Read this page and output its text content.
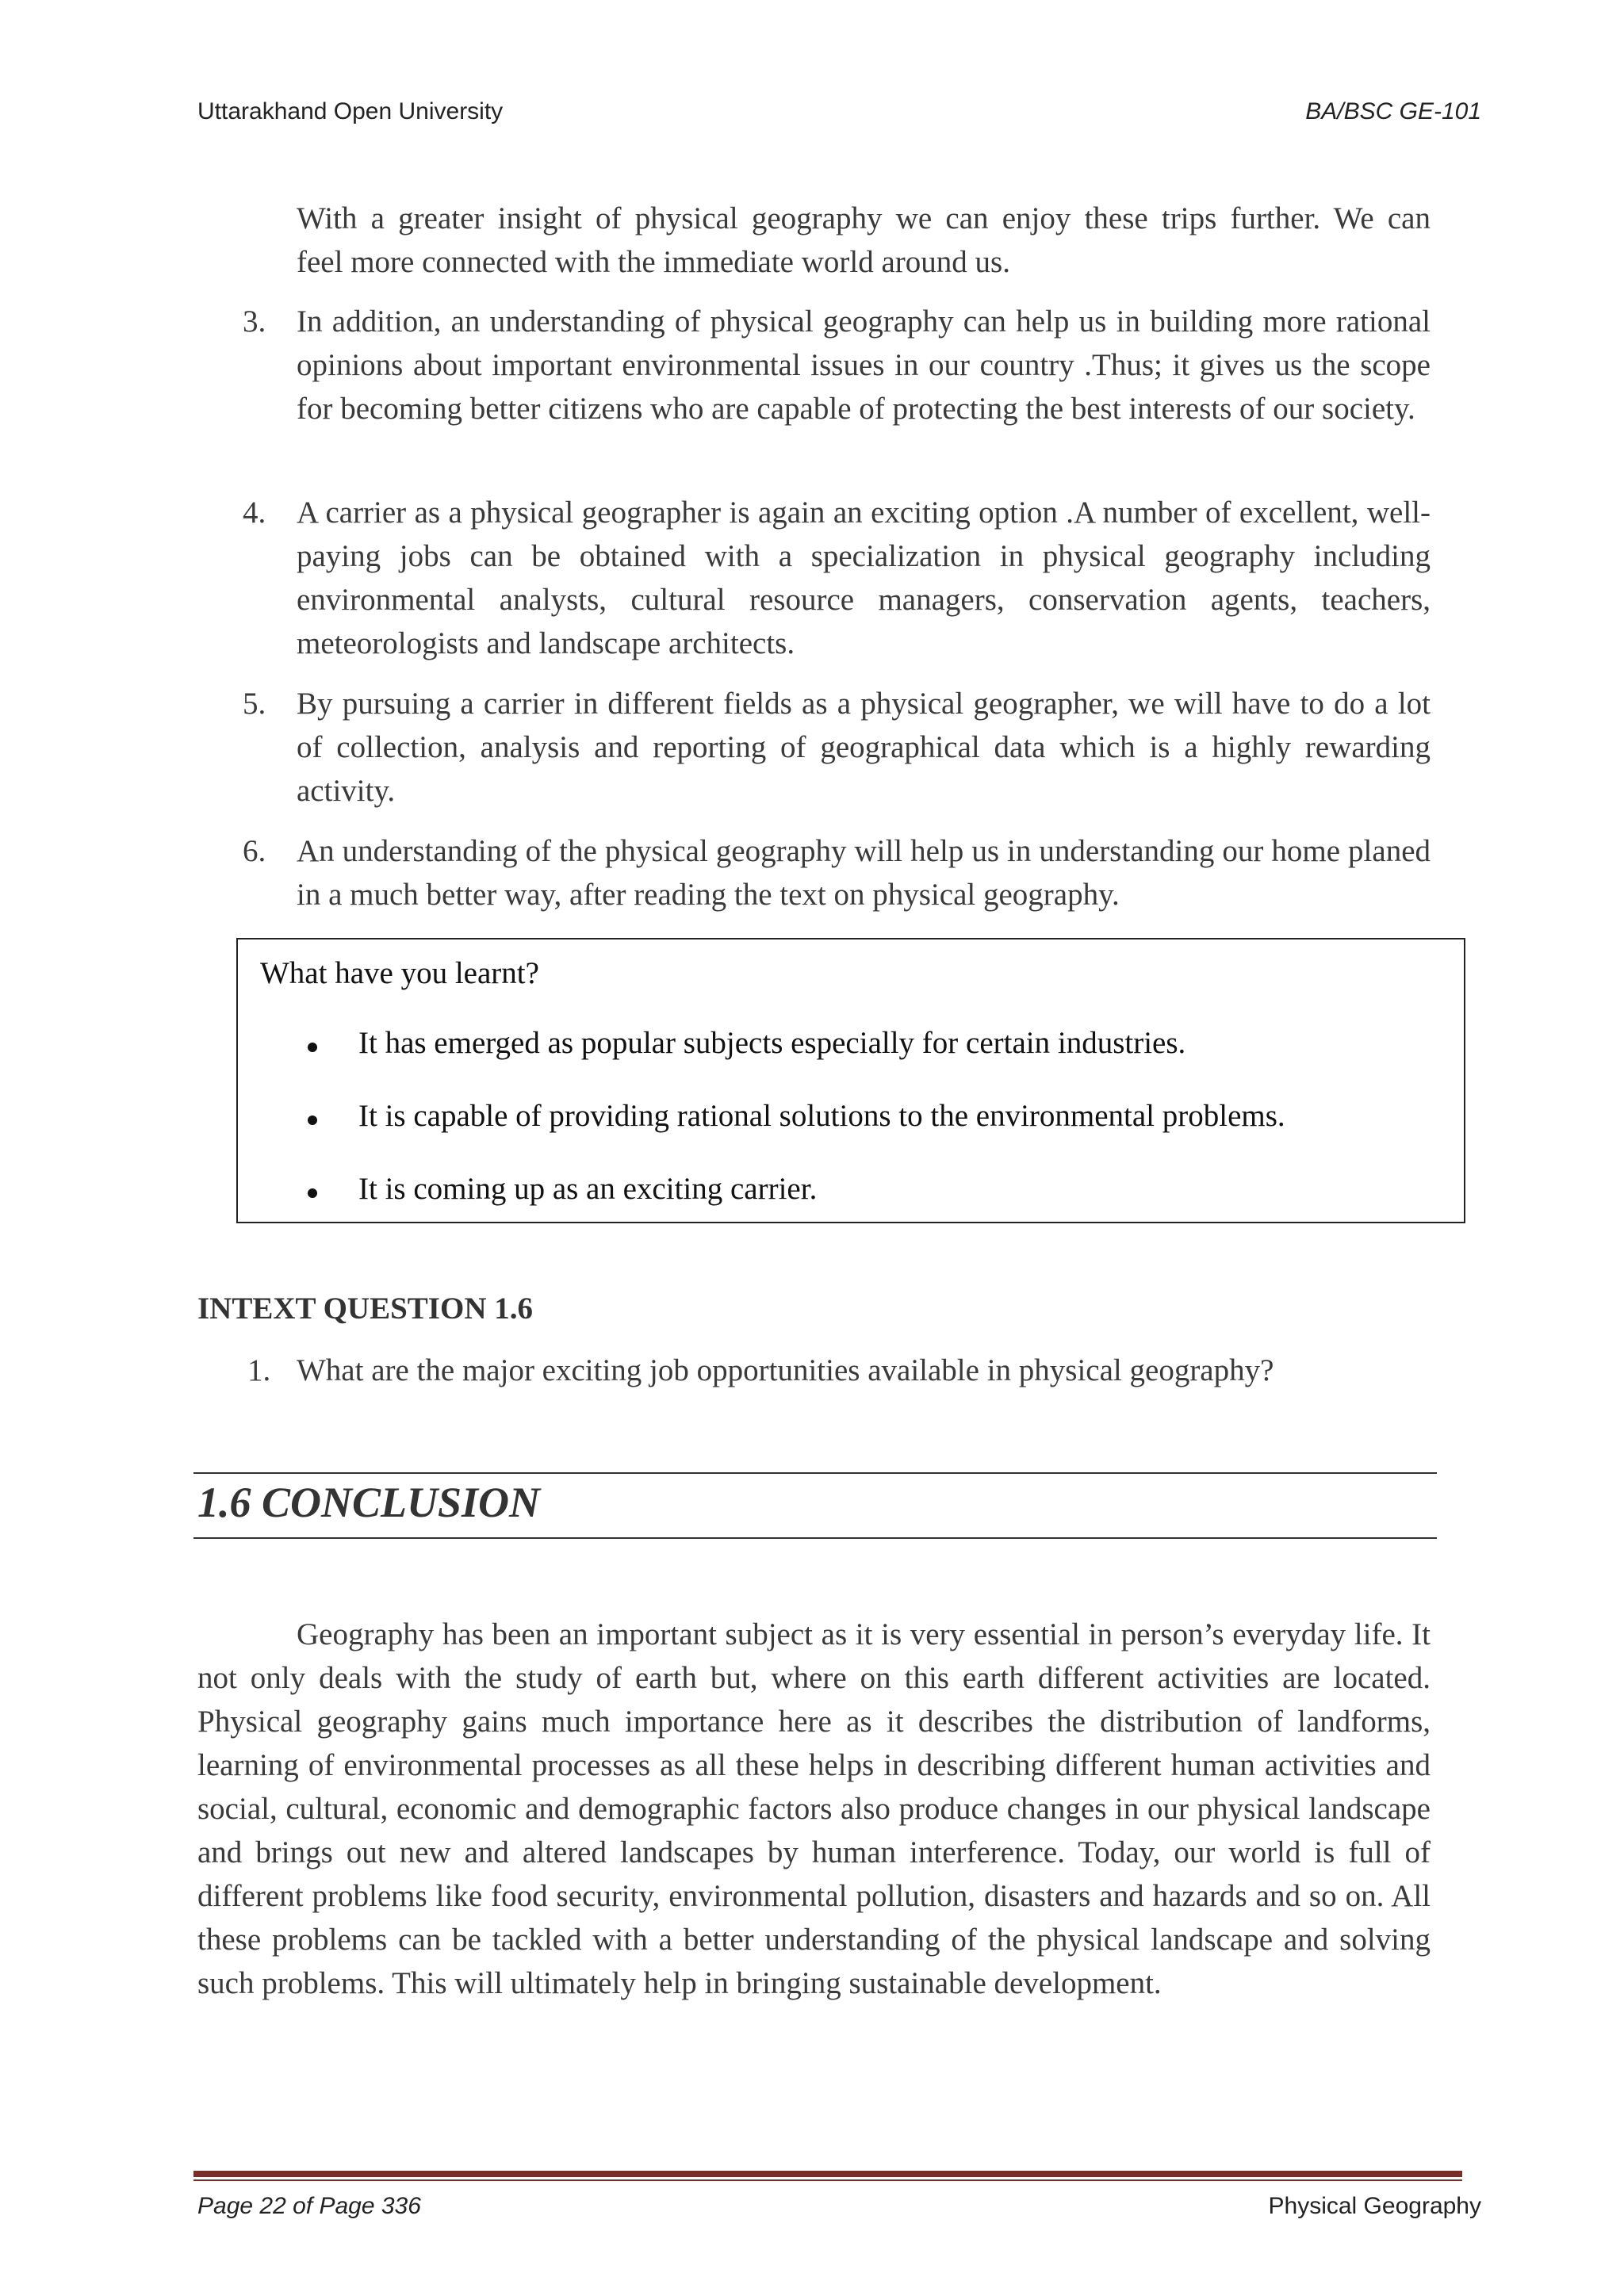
Uttarakhand Open University	BA/BSC GE-101
With a greater insight of physical geography we can enjoy these trips further. We can
feel more connected with the immediate world around us.
3. In addition, an understanding of physical geography can help us in building more rational opinions about important environmental issues in our country .Thus; it gives us the scope for becoming better citizens who are capable of protecting the best interests of our society.
4. A carrier as a physical geographer is again an exciting option .A number of excellent, well-paying jobs can be obtained with a specialization in physical geography including environmental analysts, cultural resource managers, conservation agents, teachers, meteorologists and landscape architects.
5. By pursuing a carrier in different fields as a physical geographer, we will have to do a lot of collection, analysis and reporting of geographical data which is a highly rewarding activity.
6. An understanding of the physical geography will help us in understanding our home planed in a much better way, after reading the text on physical geography.
What have you learnt?
It has emerged as popular subjects especially for certain industries.
It is capable of providing rational solutions to the environmental problems.
It is coming up as an exciting carrier.
INTEXT QUESTION 1.6
1. What are the major exciting job opportunities available in physical geography?
1.6 CONCLUSION
Geography has been an important subject as it is very essential in person’s everyday life. It not only deals with the study of earth but, where on this earth different activities are located. Physical geography gains much importance here as it describes the distribution of landforms, learning of environmental processes as all these helps in describing different human activities and social, cultural, economic and demographic factors also produce changes in our physical landscape and brings out new and altered landscapes by human interference. Today, our world is full of different problems like food security, environmental pollution, disasters and hazards and so on. All these problems can be tackled with a better understanding of the physical landscape and solving such problems. This will ultimately help in bringing sustainable development.
Page 22 of Page 336	Physical Geography
